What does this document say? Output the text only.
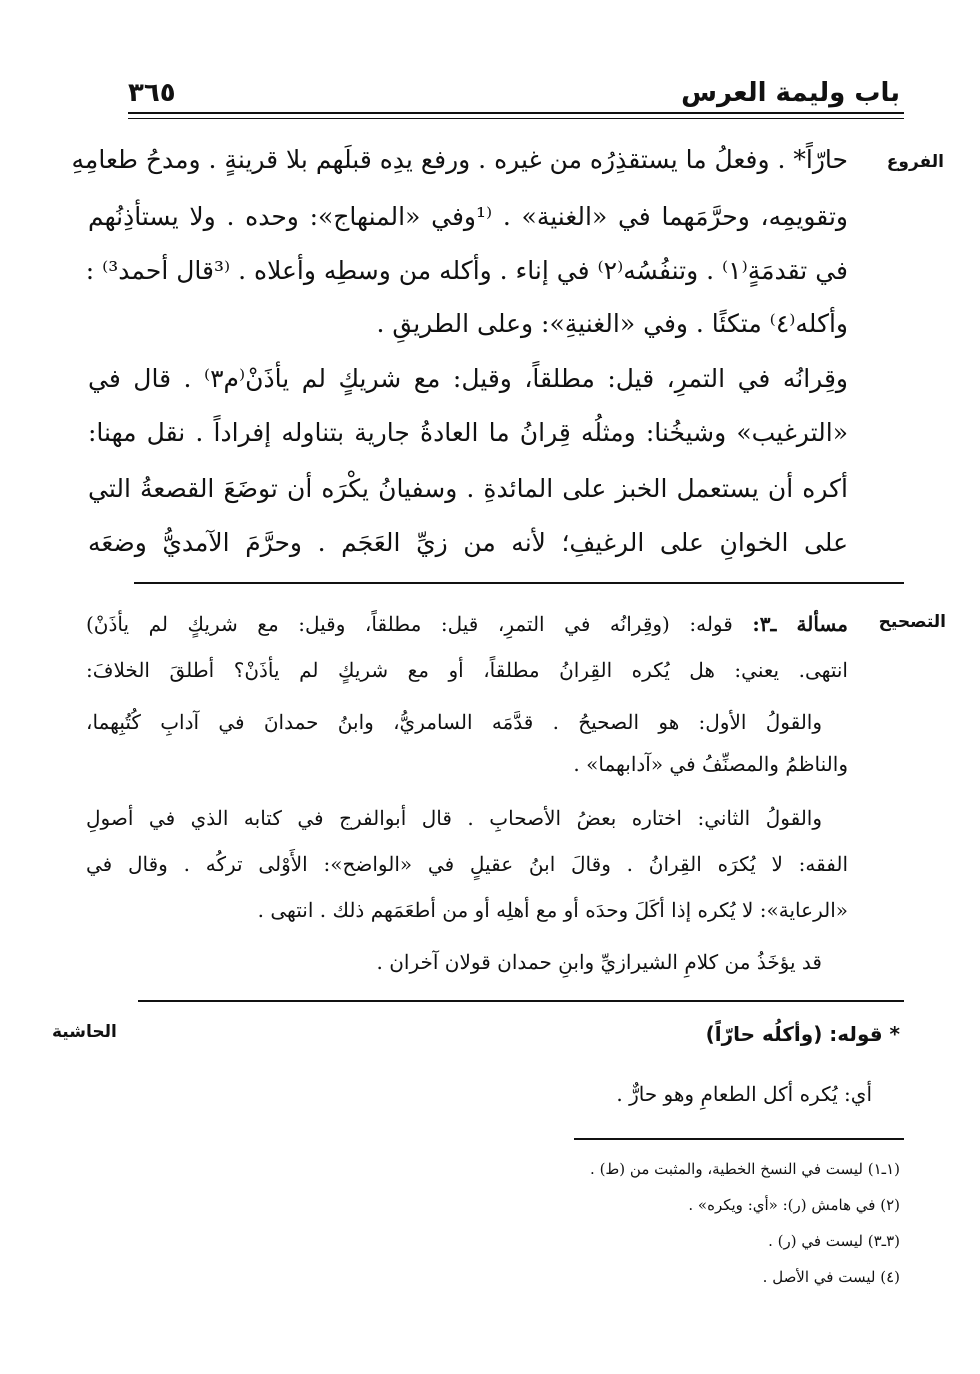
باب وليمة العرس
٣٦٥
الفروع
حارّاً* . وفعلُ ما يستقذِرُه من غيره . ورفع يدِه قبلَهم بلا قرينةٍ . ومدحُ طعامِهِ
وتقويمِه، وحرَّمَهما في «الغنية» . ⁽¹وفي «المنهاج»: وحده . ولا يستأذِنُهم
في تقدمَةٍ⁽١⁾ . وتنفُسُه⁽٢⁾ في إناء . وأكله من وسطِه وأعلاه . ⁽³قال أحمد³⁾ :
وأكله⁽٤⁾ متكئًا . وفي «الغنيةِ»: وعلى الطريقِ .
وقِرانُه في التمرِ، قيل: مطلقاً، وقيل: مع شريكٍ لم يأذَنْ⁽م٣⁾ . قال في
«الترغيب» وشيخُنا: ومثلُه قِرانُ ما العادةُ جارية بتناوله إفراداً . نقل مهنا:
أكره أن يستعمل الخبز على المائدةِ . وسفيانُ يكْرَه أن توضَعَ القصعةُ التي
على الخوانِ على الرغيفِ؛ لأنه من زيِّ العَجَم . وحرَّمَ الآمديُّ وضعَه
التصحيح
مسألة ـ٣: قوله: (وقِرانُه في التمرِ، قيل: مطلقاً، وقيل: مع شريكٍ لم يأذَنْ)
انتهى. يعني: هل يُكره القِرانُ مطلقاً، أو مع شريكٍ لم يأذَنْ؟ أطلقَ الخلافَ:
والقولُ الأول: هو الصحيحُ . قدَّمَه السامريُّ، وابنُ حمدانَ في آدابِ كُتُبِهما،
والناظمُ والمصنِّفُ في «آدابهما» .
والقولُ الثاني: اختاره بعضُ الأصحابِ . قال أبوالفرج في كتابه الذي في أصولِ
الفقه: لا يُكرَه القِرانُ . وقالَ ابنُ عقيلٍ في «الواضح»: الأَوْلى تركُه . وقال في
«الرعاية»: لا يُكره إذا أكَلَ وحدَه أو مع أهلِه أو من أطعَمَهم ذلك . انتهى .
قد يؤخَذُ من كلامِ الشيرازيِّ وابنِ حمدان قولان آخران .
الحاشية	* قوله: (وأكلُه حارّاً)
أي: يُكره أكل الطعامِ وهو حارٌّ .
(١ـ١) ليست في النسخ الخطية، والمثبت من (ط) .
(٢) في هامش (ر): «أي: ويكره» .
(٣ـ٣) ليست في (ر) .
(٤) ليست في الأصل .
